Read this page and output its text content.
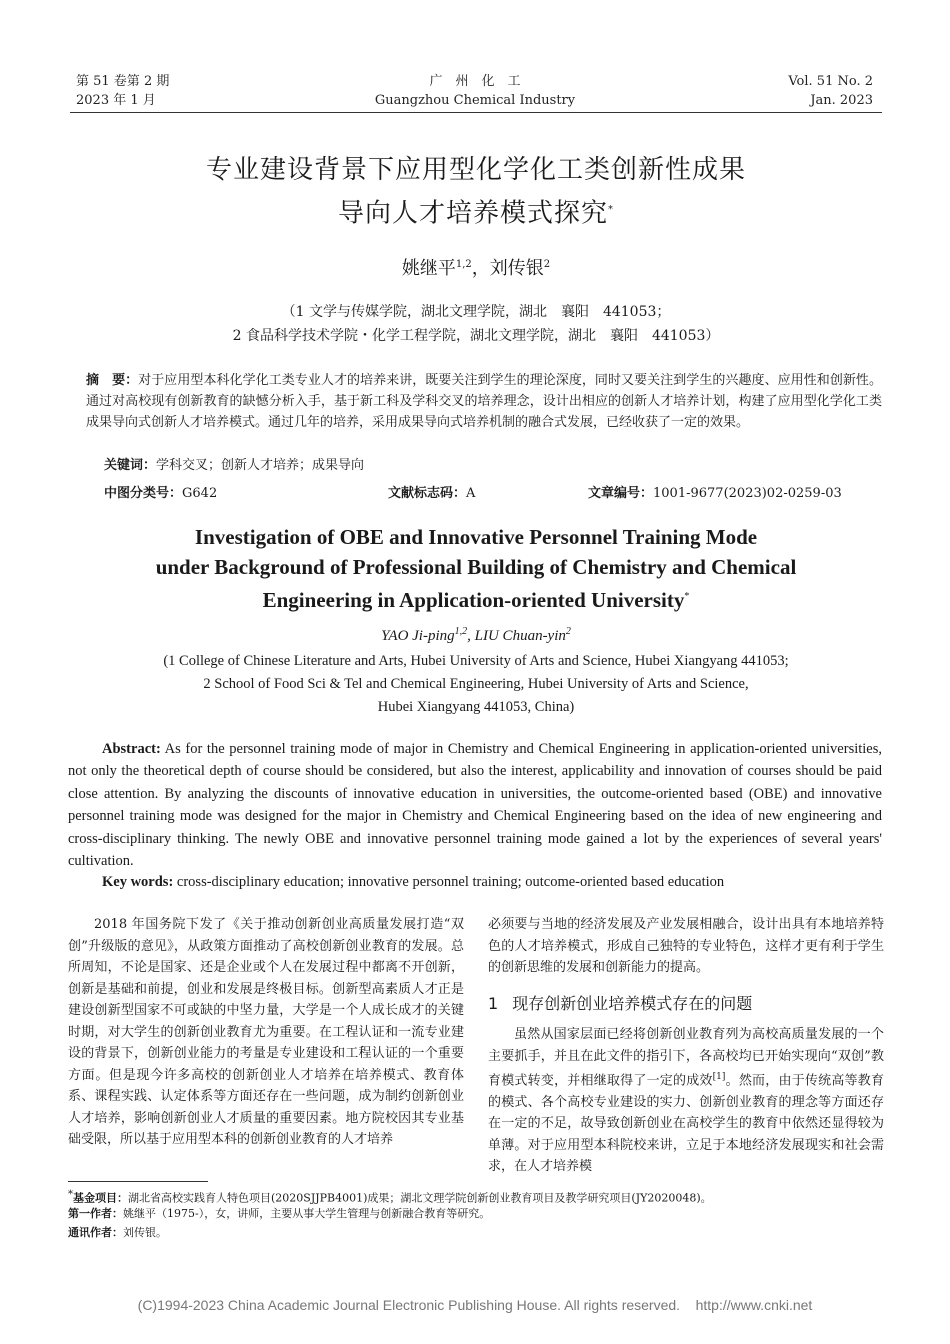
第 51 卷第 2 期
2023 年 1 月
广　州　化　工
Guangzhou Chemical Industry
Vol. 51 No. 2
Jan. 2023
专业建设背景下应用型化学化工类创新性成果
导向人才培养模式探究*
姚继平$^{1,2}$，刘传银$^2$
（1 文学与传媒学院，湖北文理学院，湖北　襄阳　441053；
2 食品科学技术学院・化学工程学院，湖北文理学院，湖北　襄阳　441053）
摘　要：对于应用型本科化学化工类专业人才的培养来讲，既要关注到学生的理论深度，同时又要关注到学生的兴趣度、应用性和创新性。通过对高校现有创新教育的缺憾分析入手，基于新工科及学科交叉的培养理念，设计出相应的创新人才培养计划，构建了应用型化学化工类成果导向式创新人才培养模式。通过几年的培养，采用成果导向式培养机制的融合式发展，已经收获了一定的效果。
关键词：学科交叉；创新人才培养；成果导向
中图分类号：G642	文献标志码：A	文章编号：1001-9677(2023)02-0259-03
Investigation of OBE and Innovative Personnel Training Mode
under Background of Professional Building of Chemistry and Chemical
Engineering in Application-oriented University*
YAO Ji-ping$^{1,2}$, LIU Chuan-yin$^2$
(1 College of Chinese Literature and Arts, Hubei University of Arts and Science, Hubei Xiangyang 441053;
2 School of Food Sci & Tel and Chemical Engineering, Hubei University of Arts and Science,
Hubei Xiangyang 441053, China)
Abstract: As for the personnel training mode of major in Chemistry and Chemical Engineering in application-oriented universities, not only the theoretical depth of course should be considered, but also the interest, applicability and innovation of courses should be paid close attention. By analyzing the discounts of innovative education in universities, the outcome-oriented based (OBE) and innovative personnel training mode was designed for the major in Chemistry and Chemical Engineering based on the idea of new engineering and cross-disciplinary thinking. The newly OBE and innovative personnel training mode gained a lot by the experiences of several years' cultivation.
Key words: cross-disciplinary education; innovative personnel training; outcome-oriented based education

2018 年国务院下发了《关于推动创新创业高质量发展打造“双创”升级版的意见》，从政策方面推动了高校创新创业教育的发展。总所周知，不论是国家、还是企业或个人在发展过程中都离不开创新，创新是基础和前提，创业和发展是终极目标。创新型高素质人才正是建设创新型国家不可或缺的中坚力量，大学是一个人成长成才的关键时期，对大学生的创新创业教育尤为重要。在工程认证和一流专业建设的背景下，创新创业能力的考量是专业建设和工程认证的一个重要方面。但是现今许多高校的创新创业人才培养在培养模式、教育体系、课程实践、认定体系等方面还存在一些问题，成为制约创新创业人才培养，影响创新创业人才质量的重要因素。地方院校因其专业基础受限，所以基于应用型本科的创新创业教育的人才培养

必须要与当地的经济发展及产业发展相融合，设计出具有本地培养特色的人才培养模式，形成自己独特的专业特色，这样才更有利于学生的创新思维的发展和创新能力的提高。

1 现存创新创业培养模式存在的问题

虽然从国家层面已经将创新创业教育列为高校高质量发展的一个主要抓手，并且在此文件的指引下，各高校均已开始实现向“双创”教育模式转变，并相继取得了一定的成效[1]。然而，由于传统高等教育的模式、各个高校专业建设的实力、创新创业教育的理念等方面还存在一定的不足，故导致创新创业在高校学生的教育中依然还显得较为单薄。对于应用型本科院校来讲，立足于本地经济发展现实和社会需求，在人才培养模

*基金项目：湖北省高校实践育人特色项目(2020SJJPB4001)成果；湖北文理学院创新创业教育项目及教学研究项目(JY2020048)。
第一作者：姚继平（1975-），女，讲师，主要从事大学生管理与创新融合教育等研究。
通讯作者：刘传银。
(C)1994-2023 China Academic Journal Electronic Publishing House. All rights reserved.    http://www.cnki.net
